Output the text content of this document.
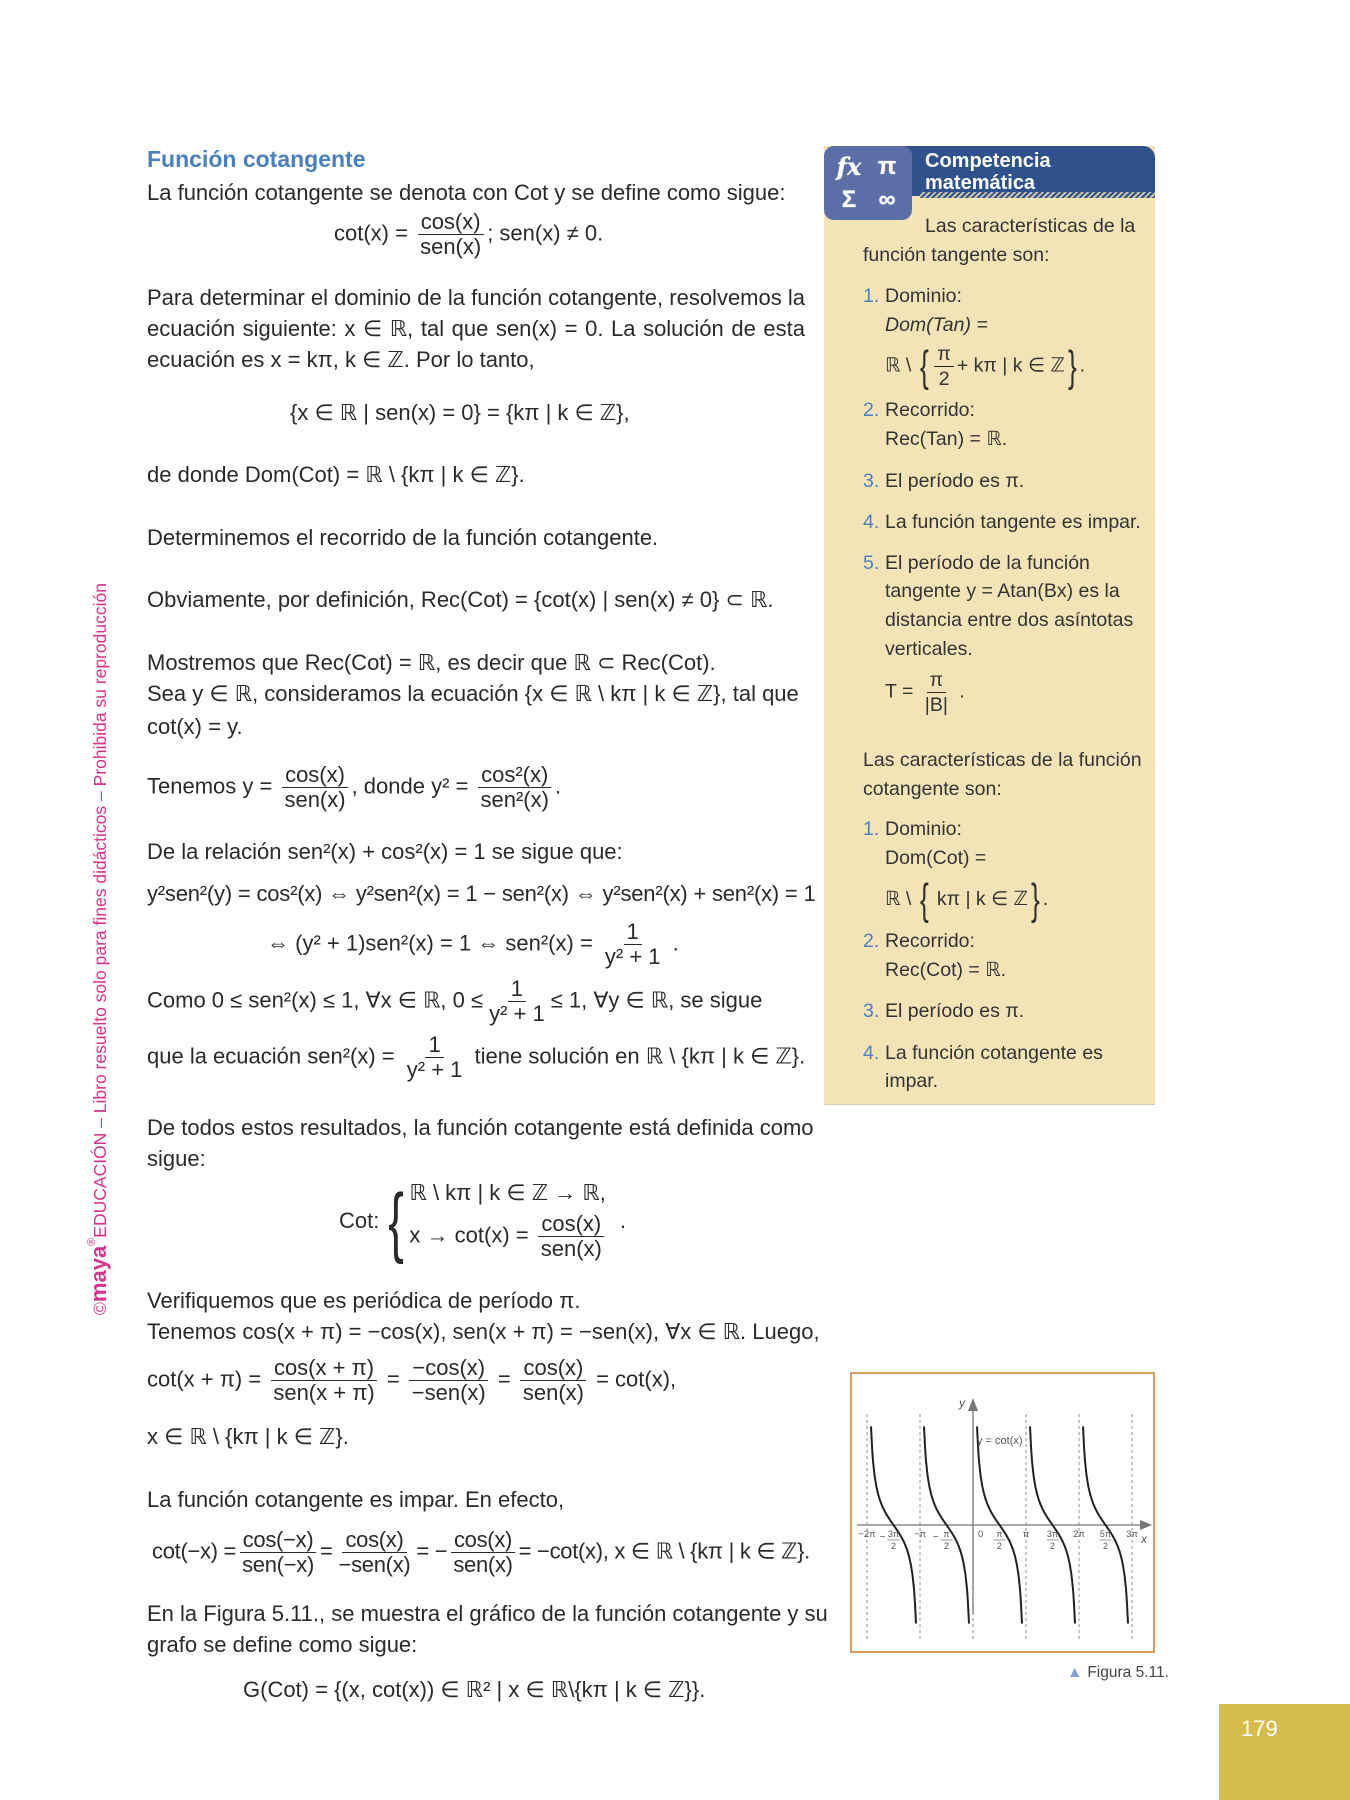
©maya®EDUCACIÓN – Libro resuelto solo para fines didácticos – Prohibida su reproducción
Función cotangente
La función cotangente se denota con Cot y se define como sigue:
cot(x) = cos(x)
sen(x)
; sen(x) ≠ 0.
Para determinar el dominio de la función cotangente, resolvemos la
ecuación siguiente: x ∈ ℝ, tal que sen(x) = 0. La solución de esta
ecuación es x = kπ, k ∈ ℤ. Por lo tanto,
{x ∈ ℝ | sen(x) = 0} = {kπ | k ∈ ℤ},
de donde Dom(Cot) = ℝ \ {kπ | k ∈ ℤ}.
Determinemos el recorrido de la función cotangente.
Obviamente, por definición, Rec(Cot) = {cot(x) | sen(x) ≠ 0} ⊂ ℝ.
Mostremos que Rec(Cot) = ℝ, es decir que ℝ ⊂ Rec(Cot).
Sea y ∈ ℝ, consideramos la ecuación {x ∈ ℝ \ kπ | k ∈ ℤ}, tal que
cot(x) = y.
Tenemos y = cos(x)
sen(x)
, donde y² = cos²(x)
sen²(x)
.
De la relación sen²(x) + cos²(x) = 1 se sigue que:
y²sen²(y) = cos²(x) ⇔ y²sen²(x) = 1 − sen²(x) ⇔ y²sen²(x) + sen²(x) = 1
⇔ (y² + 1)sen²(x) = 1 ⇔ $sen^2(x) = \frac{1}{\text{y² + 1}}$ .
Como 0 ≤ sen²(x) ≤ 1, ∀x ∈ ℝ, $0 \le \frac{1}{\text{y² + 1}} \le 1$, ∀y ∈ ℝ, se sigue
que la ecuación $sen^2(x) = \frac{1}{\text{y² + 1}}$ tiene solución en ℝ \ {kπ | k ∈ ℤ}.
De todos estos resultados, la función cotangente está definida como
sigue:
Cot: { ℝ \ kπ | k ∈ ℤ → ℝ,
x → cot(x) = cos(x)
sen(x)
.
Verifiquemos que es periódica de período π.
Tenemos cos(x + π) = −cos(x), sen(x + π) = −sen(x), ∀x ∈ ℝ. Luego,
cot(x + π) = cos(x + π)
sen(x + π)
= −cos(x)
−sen(x)
= cos(x)
sen(x)
= cot(x),
x ∈ ℝ \ {kπ | k ∈ ℤ}.
La función cotangente es impar. En efecto,
cot(−x) = cos(−x)
sen(−x)
= cos(x)
−sen(x)
= − cos(x)
sen(x)
= −cot(x), x ∈ ℝ \ {kπ | k ∈ ℤ}.
En la Figura 5.11., se muestra el gráfico de la función cotangente y su
grafo se define como sigue:
G(Cot) = {(x, cot(x)) ∈ ℝ² | x ∈ ℝ\{kπ | k ∈ ℤ}}.
fx π
Σ ∞
Competencia
matemática
Las características de la
función tangente son:
1. Dominio:
Dom(Tan) =
ℝ \ { $\frac{\pi}{2} + k\pi$ | k ∈ ℤ} .
2. Recorrido:
Rec(Tan) = ℝ.
3. El período es π.
4. La función tangente es impar.
5. El período de la función
tangente y = Atan(Bx) es la
distancia entre dos asíntotas
verticales.
$T = \frac{\pi}{|B|}$ .
Las características de la función
cotangente son:
1. Dominio:
Dom(Cot) =
ℝ \ { kπ | k ∈ ℤ} .
2. Recorrido:
Rec(Cot) = ℝ.
3. El período es π.
4. La función cotangente es
impar.
−2π − 3π
2
−π − π
2
0 π
2
π 3π
2
2π 5π
2
3π x
y
y = cot(x)
▲ Figura 5.11.
179
